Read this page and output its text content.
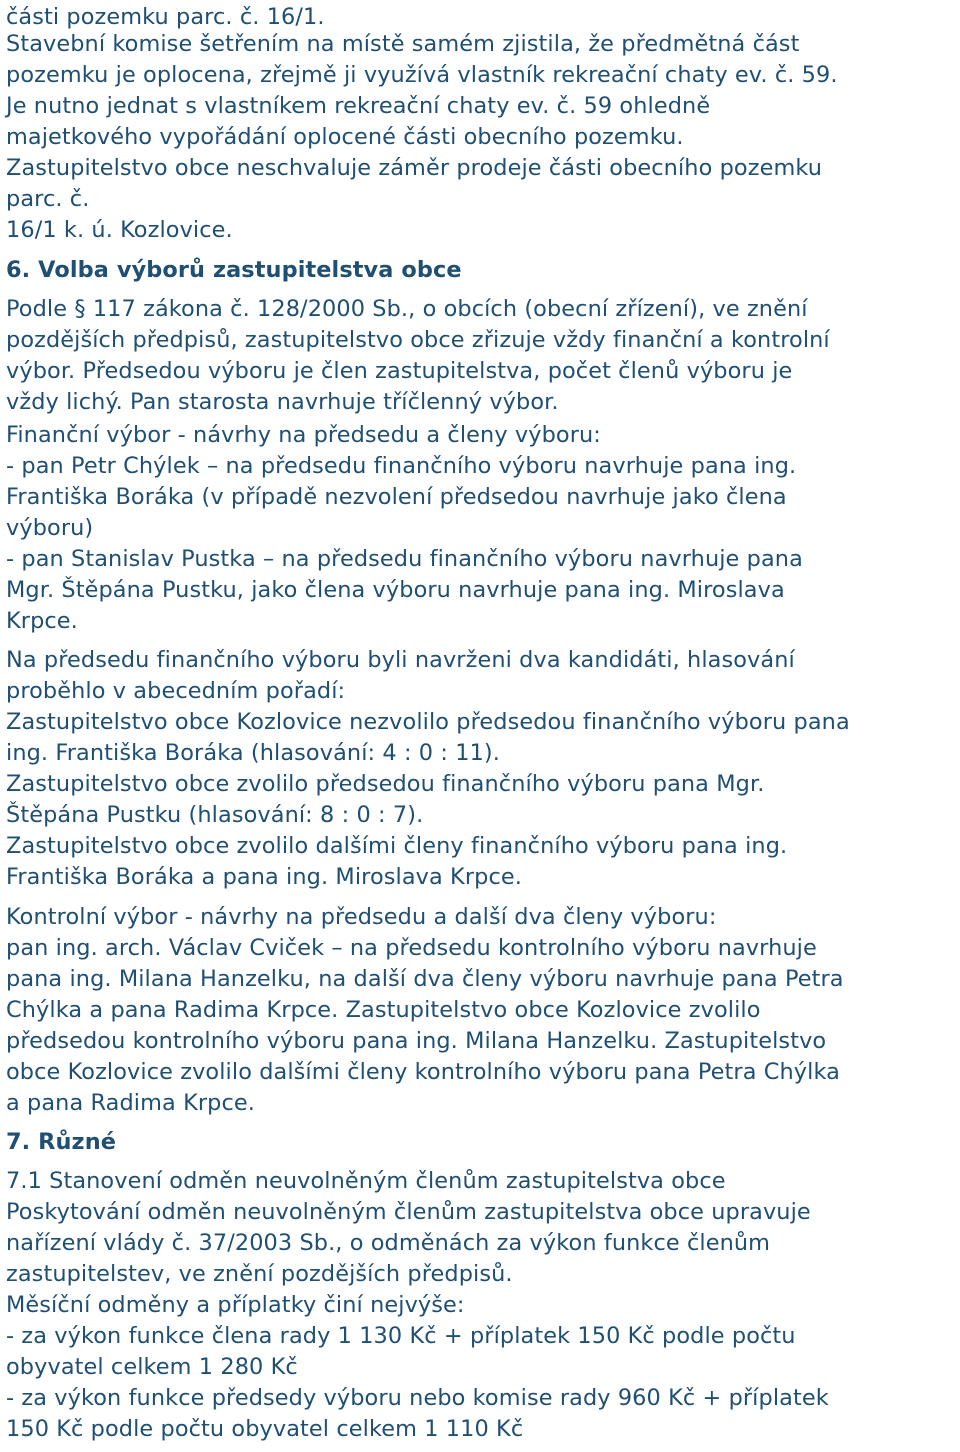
části pozemku parc. č. 16/1.
Stavební komise šetřením na místě samém zjistila, že předmětná část
pozemku je oplocena, zřejmě ji využívá vlastník rekreační chaty ev. č. 59.
Je nutno jednat s vlastníkem rekreační chaty ev. č. 59 ohledně
majetkového vypořádání oplocené části obecního pozemku.
Zastupitelstvo obce neschvaluje záměr prodeje části obecního pozemku
parc. č.
16/1 k. ú. Kozlovice.
6. Volba výborů zastupitelstva obce
Podle § 117 zákona č. 128/2000 Sb., o obcích (obecní zřízení), ve znění
pozdějších předpisů, zastupitelstvo obce zřizuje vždy finanční a kontrolní
výbor. Předsedou výboru je člen zastupitelstva, počet členů výboru je
vždy lichý. Pan starosta navrhuje tříčlenný výbor.
Finanční výbor - návrhy na předsedu a členy výboru:
- pan Petr Chýlek – na předsedu finančního výboru navrhuje pana ing.
Františka Boráka (v případě nezvolení předsedou navrhuje jako člena
výboru)
- pan Stanislav Pustka – na předsedu finančního výboru navrhuje pana
Mgr. Štěpána Pustku, jako člena výboru navrhuje pana ing. Miroslava
Krpce.
Na předsedu finančního výboru byli navrženi dva kandidáti, hlasování
proběhlo v abecedním pořadí:
Zastupitelstvo obce Kozlovice nezvolilo předsedou finančního výboru pana
ing. Františka Boráka (hlasování: 4 : 0 : 11).
Zastupitelstvo obce zvolilo předsedou finančního výboru pana Mgr.
Štěpána Pustku (hlasování: 8 : 0 : 7).
Zastupitelstvo obce zvolilo dalšími členy finančního výboru pana ing.
Františka Boráka a pana ing. Miroslava Krpce.
Kontrolní výbor - návrhy na předsedu a další dva členy výboru:
pan ing. arch. Václav Cviček – na předsedu kontrolního výboru navrhuje
pana ing. Milana Hanzelku, na další dva členy výboru navrhuje pana Petra
Chýlka a pana Radima Krpce. Zastupitelstvo obce Kozlovice zvolilo
předsedou kontrolního výboru pana ing. Milana Hanzelku. Zastupitelstvo
obce Kozlovice zvolilo dalšími členy kontrolního výboru pana Petra Chýlka
a pana Radima Krpce.
7. Různé
7.1 Stanovení odměn neuvolněným členům zastupitelstva obce
Poskytování odměn neuvolněným členům zastupitelstva obce upravuje
nařízení vlády č. 37/2003 Sb., o odměnách za výkon funkce členům
zastupitelstev, ve znění pozdějších předpisů.
Měsíční odměny a příplatky činí nejvýše:
- za výkon funkce člena rady 1 130 Kč + příplatek 150 Kč podle počtu
obyvatel celkem 1 280 Kč
- za výkon funkce předsedy výboru nebo komise rady 960 Kč + příplatek
150 Kč podle počtu obyvatel celkem 1 110 Kč
